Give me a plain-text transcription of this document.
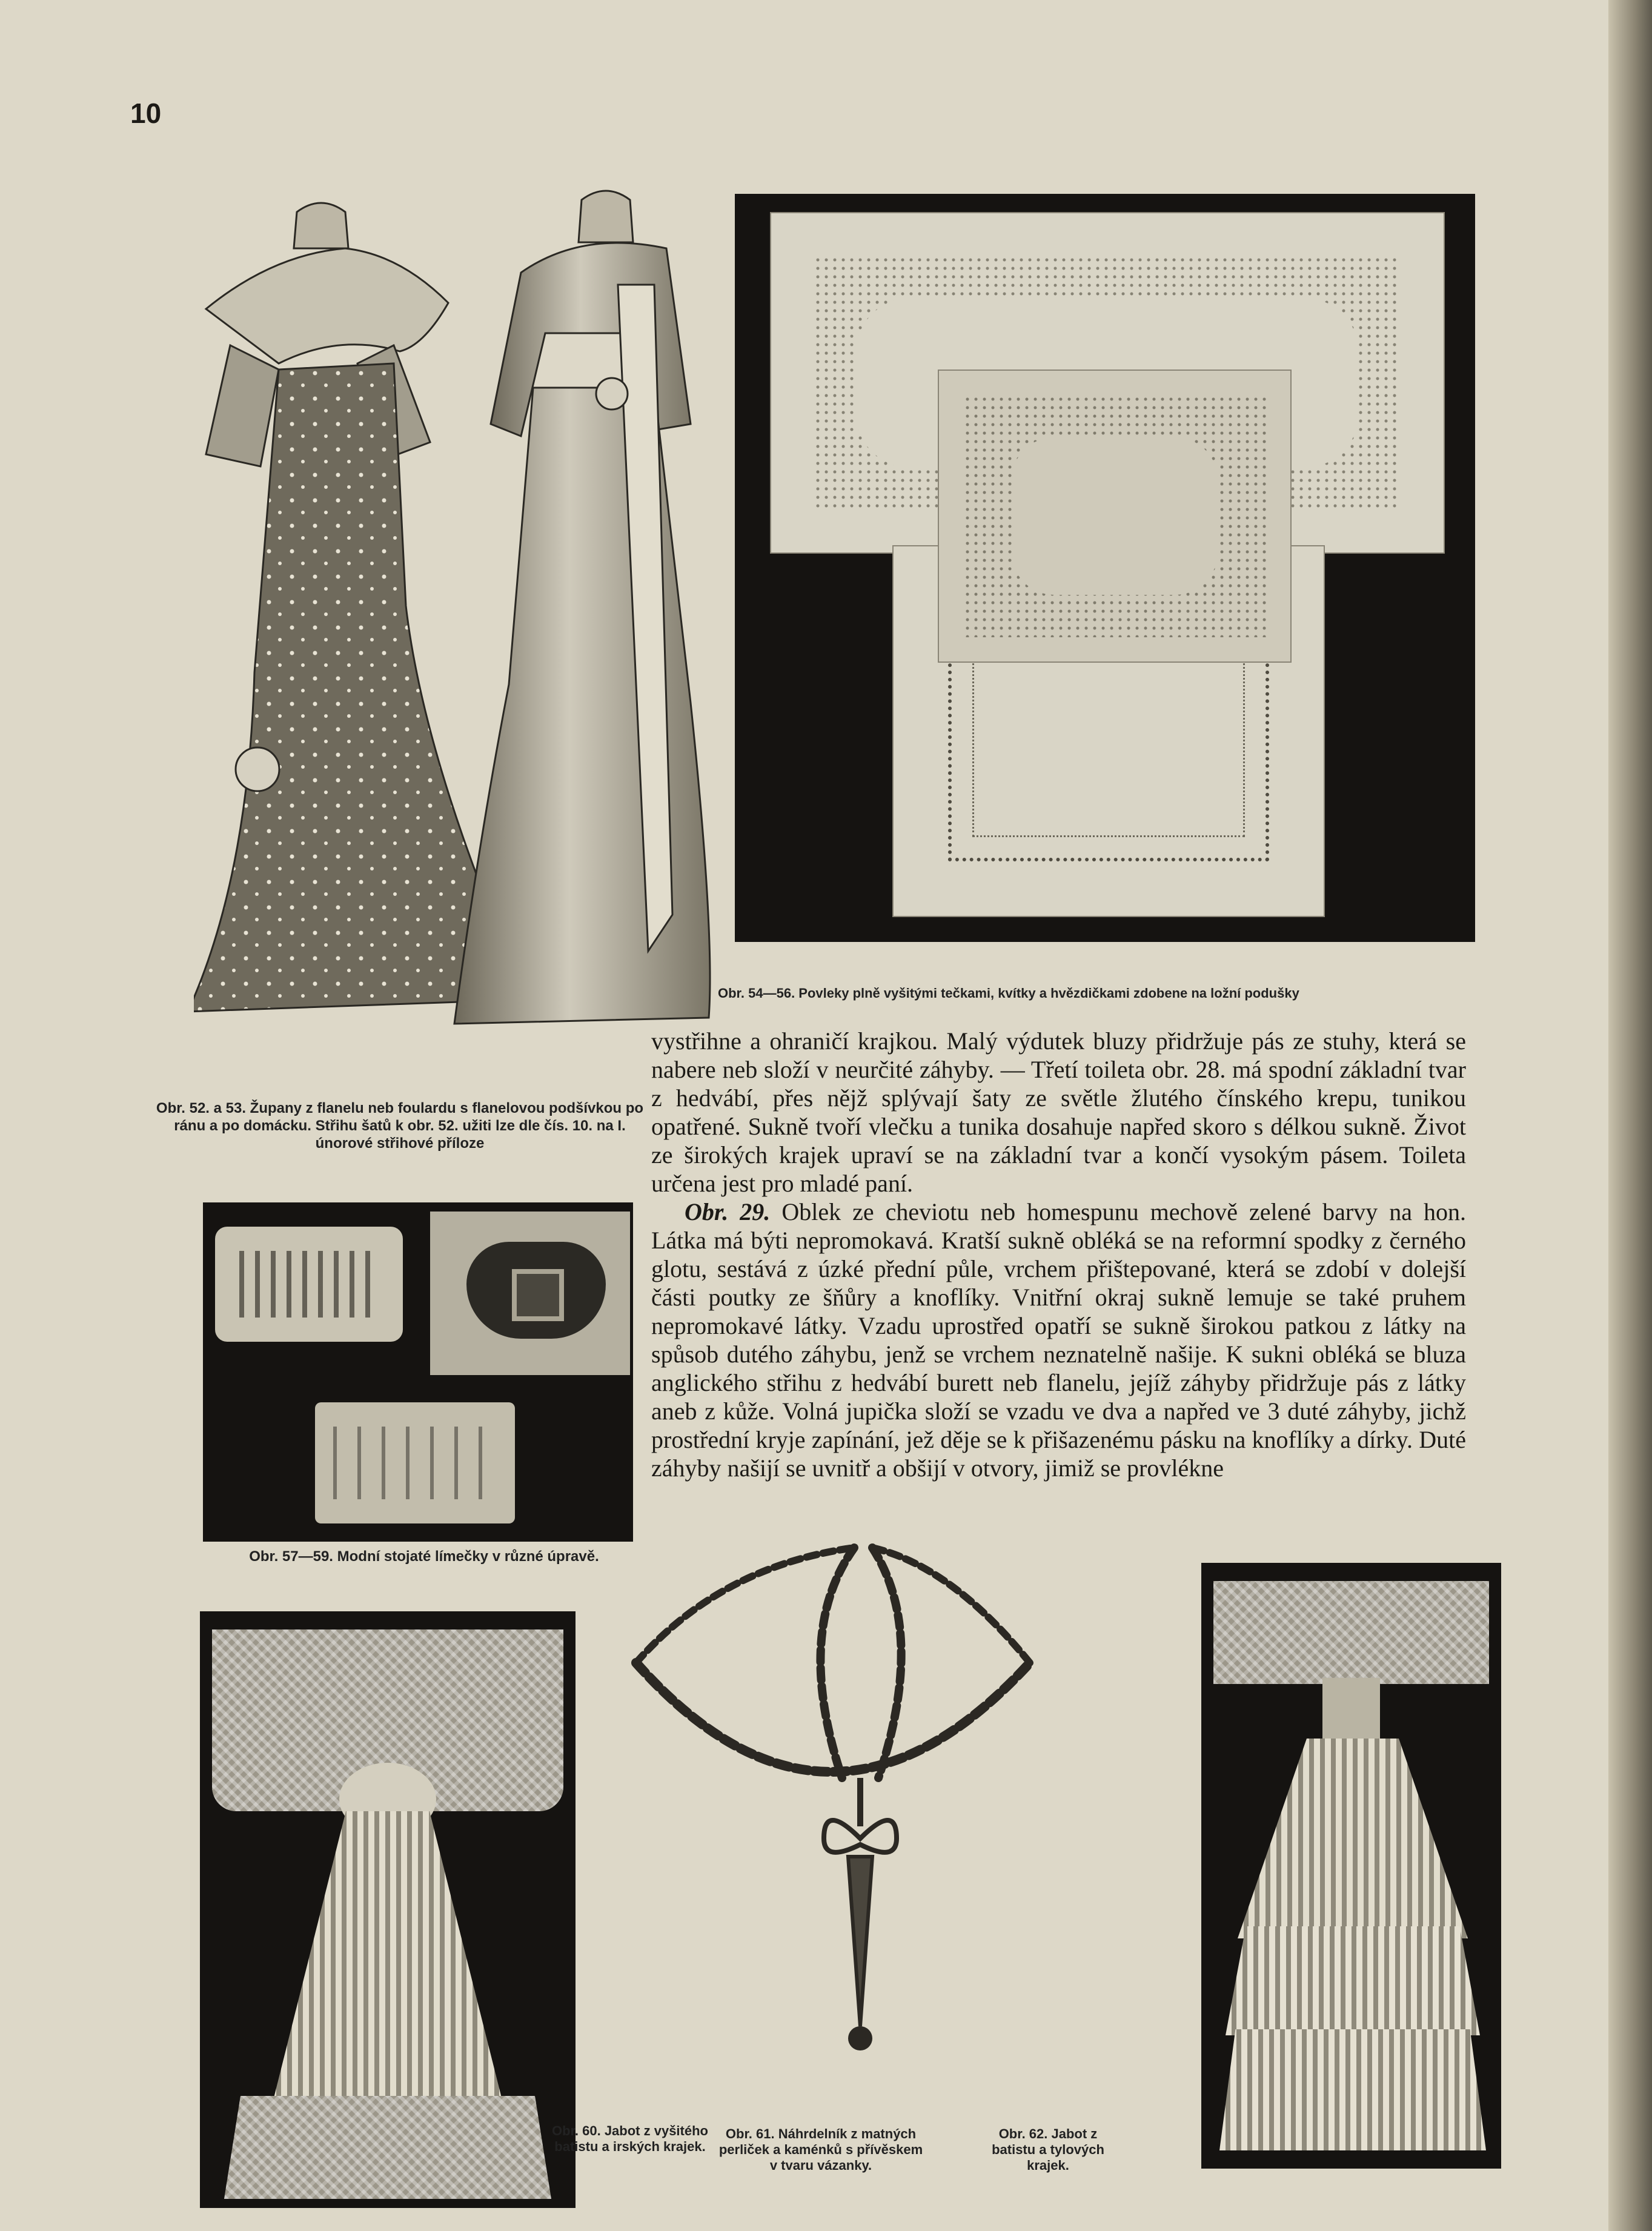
10
Obr. 52. a 53. Župany z flanelu neb foulardu s flanelovou podšívkou po ránu a po domácku. Střihu šatů k obr. 52. užiti lze dle čís. 10. na I. únorové střihové příloze
Obr. 54—56. Povleky plně vyšitými tečkami, kvítky a hvězdičkami zdobene na ložní podušky
Obr. 57—59. Modní stojaté límečky v různé úpravě.

vystřihne a ohraničí krajkou. Malý výdutek bluzy přidržuje pás ze stuhy, která se nabere neb složí v neurčité záhyby. — Třetí toileta obr. 28. má spodní základní tvar z hedvábí, přes nějž splývají šaty ze světle žlutého čínského krepu, tunikou opatřené. Sukně tvoří vlečku a tunika dosahuje napřed skoro s délkou sukně. Život ze širokých krajek upraví se na základní tvar a končí vysokým pásem. Toileta určena jest pro mladé paní.

Obr. 29. Oblek ze cheviotu neb homespunu mechově zelené barvy na hon. Látka má býti nepromokavá. Kratší sukně obléká se na reformní spodky z černého glotu, sestává z úzké přední půle, vrchem přištepované, která se zdobí v dolejší části poutky ze šňůry a knoflíky. Vnitřní okraj sukně lemuje se také pruhem nepromokavé látky. Vzadu uprostřed opatří se sukně širokou patkou z látky na spůsob dutého záhybu, jenž se vrchem neznatelně našije. K sukni obléká se bluza anglického střihu z hedvábí burett neb flanelu, jejíž záhyby přidržuje pás z látky aneb z kůže. Volná jupička složí se vzadu ve dva a napřed ve 3 duté záhyby, jichž prostřední kryje zapínání, jež děje se k přišazenému pásku na knoflíky a dírky. Duté záhyby našijí se uvnitř a obšijí v otvory, jimiž se provlékne

Obr. 60. Jabot z vyšitého batistu a irských krajek.
Obr. 61. Náhrdelník z matných perliček a kaménků s přívěskem v tvaru vázanky.
Obr. 62. Jabot z batistu a tylových krajek.
